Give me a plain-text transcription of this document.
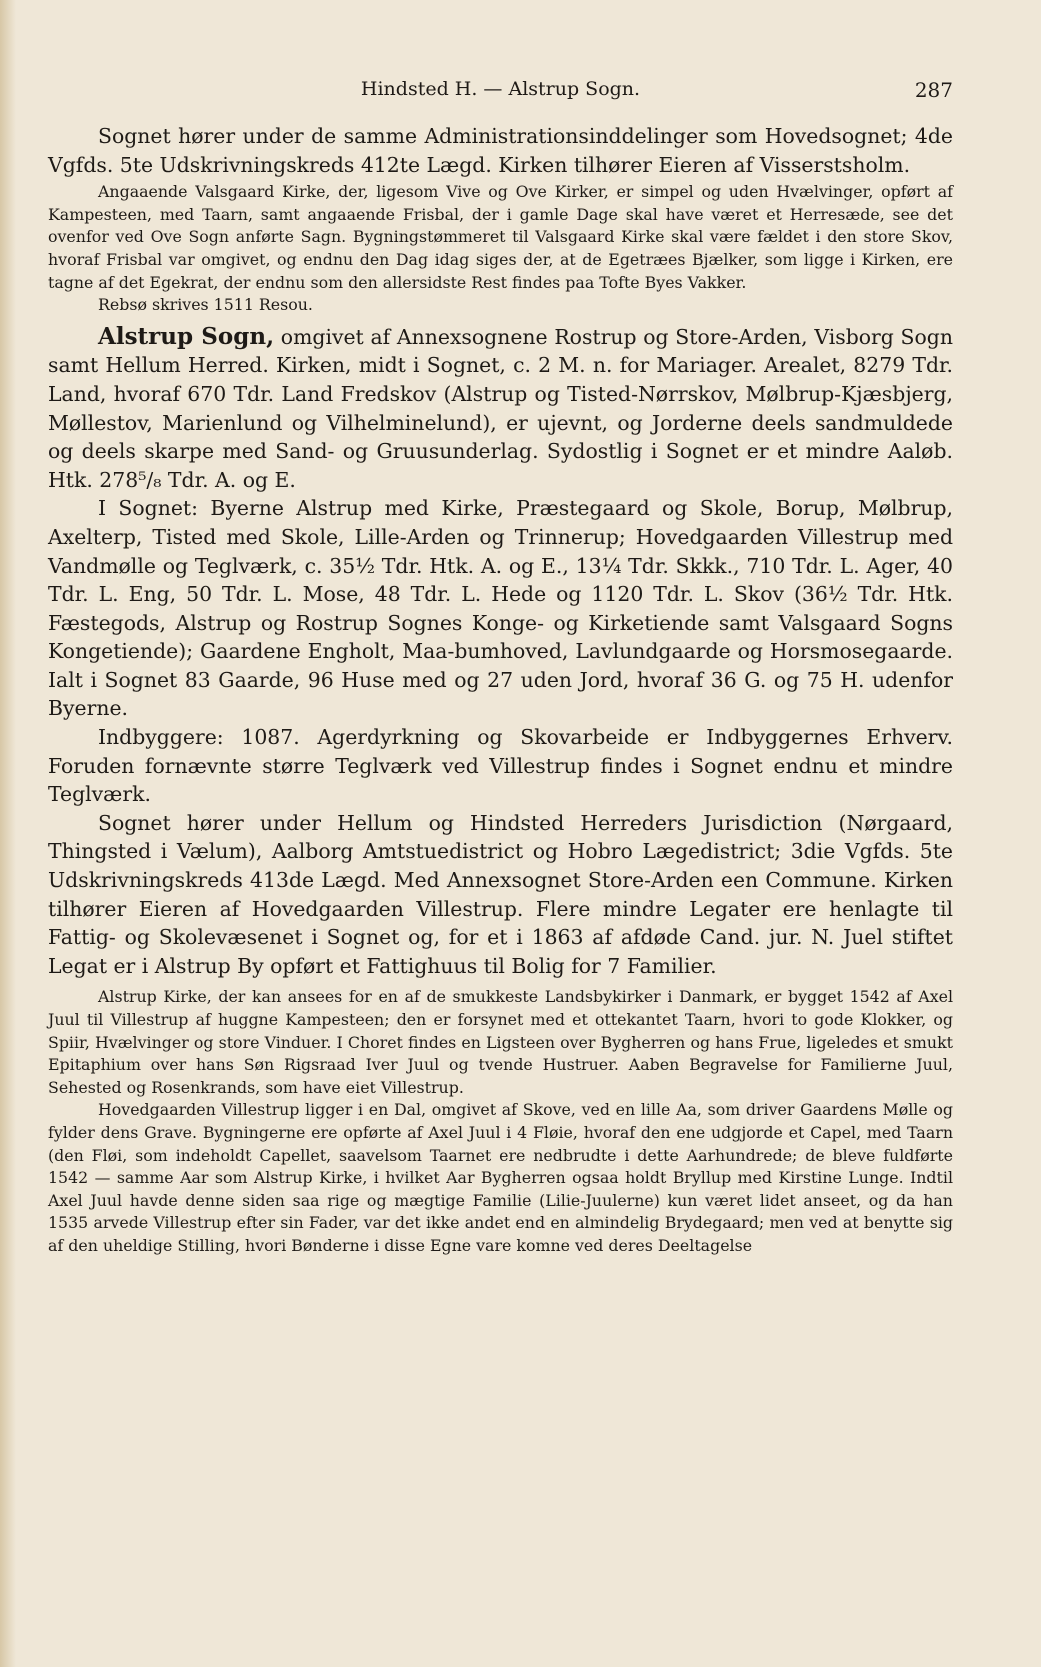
Hindsted H. — Alstrup Sogn.	287

Sognet hører under de samme Administrationsinddelinger som Hovedsognet; 4de Vgfds. 5te Udskrivningskreds 412te Lægd. Kirken tilhører Eieren af Visserstsholm.

Angaaende Valsgaard Kirke, der, ligesom Vive og Ove Kirker, er simpel og uden Hvælvinger, opført af Kampesteen, med Taarn, samt angaaende Frisbal, der i gamle Dage skal have været et Herresæde, see det ovenfor ved Ove Sogn anførte Sagn. Bygningstømmeret til Valsgaard Kirke skal være fældet i den store Skov, hvoraf Frisbal var omgivet, og endnu den Dag idag siges der, at de Egetræes Bjælker, som ligge i Kirken, ere tagne af det Egekrat, der endnu som den allersidste Rest findes paa Tofte Byes Vakker.

Rebsø skrives 1511 Resou.

Alstrup Sogn, omgivet af Annexsognene Rostrup og Store-Arden, Visborg Sogn samt Hellum Herred. Kirken, midt i Sognet, c. 2 M. n. for Mariager. Arealet, 8279 Tdr. Land, hvoraf 670 Tdr. Land Fredskov (Alstrup og Tisted-Nørrskov, Mølbrup-Kjæsbjerg, Møllestov, Marienlund og Vilhelminelund), er ujevnt, og Jorderne deels sandmuldede og deels skarpe med Sand- og Gruusunderlag. Sydostlig i Sognet er et mindre Aaløb. Htk. 278⁵/₈ Tdr. A. og E.

I Sognet: Byerne Alstrup med Kirke, Præstegaard og Skole, Borup, Mølbrup, Axelterp, Tisted med Skole, Lille-Arden og Trinnerup; Hovedgaarden Villestrup med Vandmølle og Teglværk, c. 35½ Tdr. Htk. A. og E., 13¼ Tdr. Skkk., 710 Tdr. L. Ager, 40 Tdr. L. Eng, 50 Tdr. L. Mose, 48 Tdr. L. Hede og 1120 Tdr. L. Skov (36½ Tdr. Htk. Fæstegods, Alstrup og Rostrup Sognes Konge- og Kirketiende samt Valsgaard Sogns Kongetiende); Gaardene Engholt, Maa-bumhoved, Lavlundgaarde og Horsmosegaarde. Ialt i Sognet 83 Gaarde, 96 Huse med og 27 uden Jord, hvoraf 36 G. og 75 H. udenfor Byerne.

Indbyggere: 1087. Agerdyrkning og Skovarbeide er Indbyggernes Erhverv. Foruden fornævnte større Teglværk ved Villestrup findes i Sognet endnu et mindre Teglværk.

Sognet hører under Hellum og Hindsted Herreders Jurisdiction (Nørgaard, Thingsted i Vælum), Aalborg Amtstuedistrict og Hobro Lægedistrict; 3die Vgfds. 5te Udskrivningskreds 413de Lægd. Med Annexsognet Store-Arden een Commune. Kirken tilhører Eieren af Hovedgaarden Villestrup. Flere mindre Legater ere henlagte til Fattig- og Skolevæsenet i Sognet og, for et i 1863 af afdøde Cand. jur. N. Juel stiftet Legat er i Alstrup By opført et Fattighuus til Bolig for 7 Familier.

Alstrup Kirke, der kan ansees for en af de smukkeste Landsbykirker i Danmark, er bygget 1542 af Axel Juul til Villestrup af huggne Kampesteen; den er forsynet med et ottekantet Taarn, hvori to gode Klokker, og Spiir, Hvælvinger og store Vinduer. I Choret findes en Ligsteen over Bygherren og hans Frue, ligeledes et smukt Epitaphium over hans Søn Rigsraad Iver Juul og tvende Hustruer. Aaben Begravelse for Familierne Juul, Sehested og Rosenkrands, som have eiet Villestrup.

Hovedgaarden Villestrup ligger i en Dal, omgivet af Skove, ved en lille Aa, som driver Gaardens Mølle og fylder dens Grave. Bygningerne ere opførte af Axel Juul i 4 Fløie, hvoraf den ene udgjorde et Capel, med Taarn (den Fløi, som indeholdt Capellet, saavelsom Taarnet ere nedbrudte i dette Aarhundrede; de bleve fuldførte 1542 — samme Aar som Alstrup Kirke, i hvilket Aar Bygherren ogsaa holdt Bryllup med Kirstine Lunge. Indtil Axel Juul havde denne siden saa rige og mægtige Familie (Lilie-Juulerne) kun været lidet anseet, og da han 1535 arvede Villestrup efter sin Fader, var det ikke andet end en almindelig Brydegaard; men ved at benytte sig af den uheldige Stilling, hvori Bønderne i disse Egne vare komne ved deres Deeltagelse
